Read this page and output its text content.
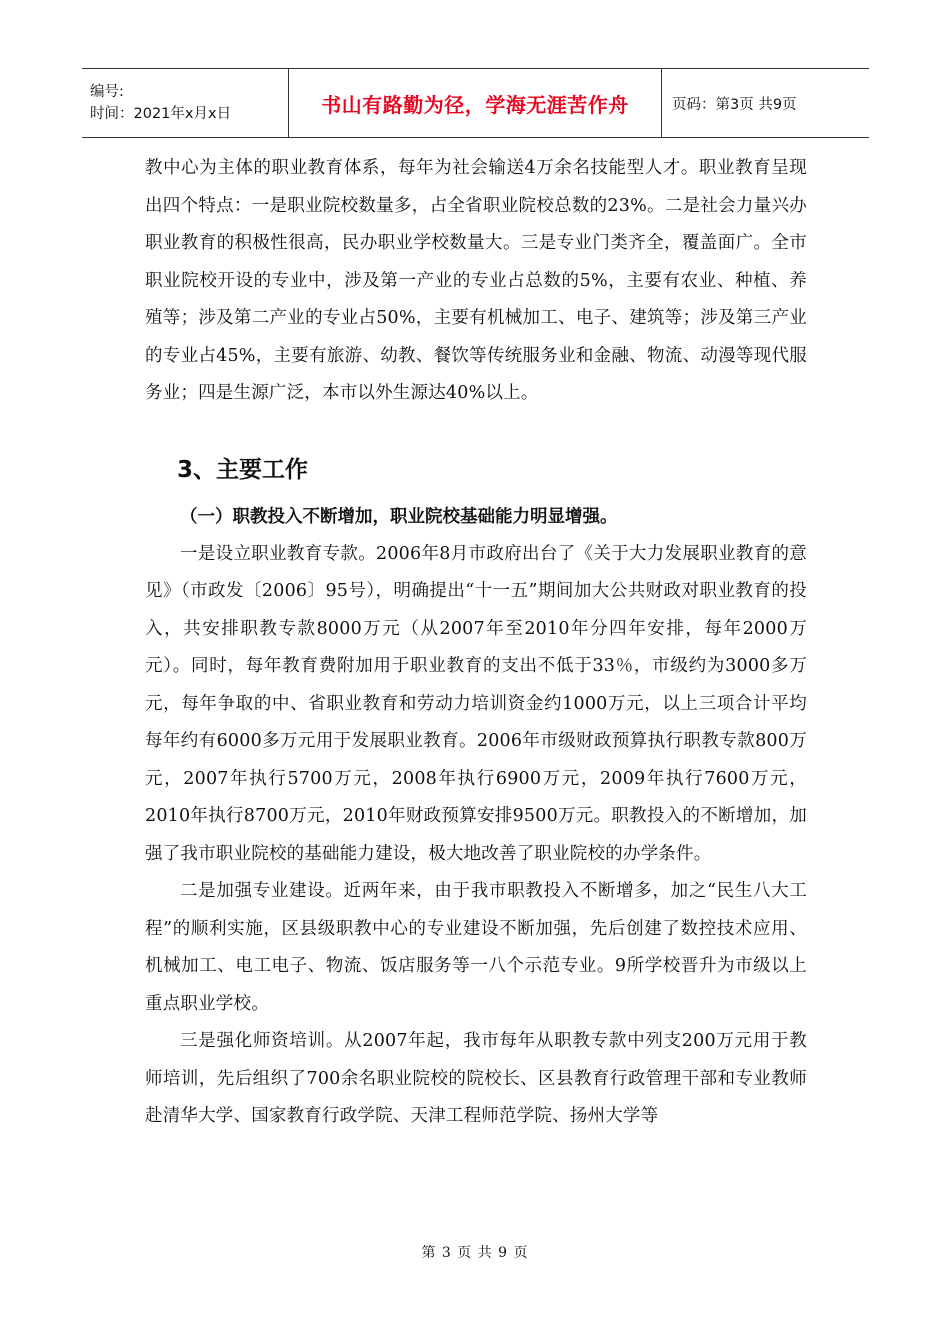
编号:
时间：2021年x月x日	书山有路勤为径，学海无涯苦作舟	页码：第3页 共9页

教中心为主体的职业教育体系，每年为社会输送4万余名技能型人才。职业教育呈现出四个特点：一是职业院校数量多，占全省职业院校总数的23%。二是社会力量兴办职业教育的积极性很高，民办职业学校数量大。三是专业门类齐全，覆盖面广。全市职业院校开设的专业中，涉及第一产业的专业占总数的5%，主要有农业、种植、养殖等；涉及第二产业的专业占50%，主要有机械加工、电子、建筑等；涉及第三产业的专业占45%，主要有旅游、幼教、餐饮等传统服务业和金融、物流、动漫等现代服务业；四是生源广泛，本市以外生源达40%以上。

3、主要工作
（一）职教投入不断增加，职业院校基础能力明显增强。

一是设立职业教育专款。2006年8月市政府出台了《关于大力发展职业教育的意见》（市政发〔2006〕95号），明确提出“十一五”期间加大公共财政对职业教育的投入，共安排职教专款8000万元（从2007年至2010年分四年安排，每年2000万元）。同时，每年教育费附加用于职业教育的支出不低于33％，市级约为3000多万元，每年争取的中、省职业教育和劳动力培训资金约1000万元，以上三项合计平均每年约有6000多万元用于发展职业教育。2006年市级财政预算执行职教专款800万元，2007年执行5700万元，2008年执行6900万元，2009年执行7600万元，2010年执行8700万元，2010年财政预算安排9500万元。职教投入的不断增加，加强了我市职业院校的基础能力建设，极大地改善了职业院校的办学条件。

二是加强专业建设。近两年来，由于我市职教投入不断增多，加之“民生八大工程”的顺利实施，区县级职教中心的专业建设不断加强，先后创建了数控技术应用、机械加工、电工电子、物流、饭店服务等一八个示范专业。9所学校晋升为市级以上重点职业学校。

三是强化师资培训。从2007年起，我市每年从职教专款中列支200万元用于教师培训，先后组织了700余名职业院校的院校长、区县教育行政管理干部和专业教师赴清华大学、国家教育行政学院、天津工程师范学院、扬州大学等

第 3 页 共 9 页
